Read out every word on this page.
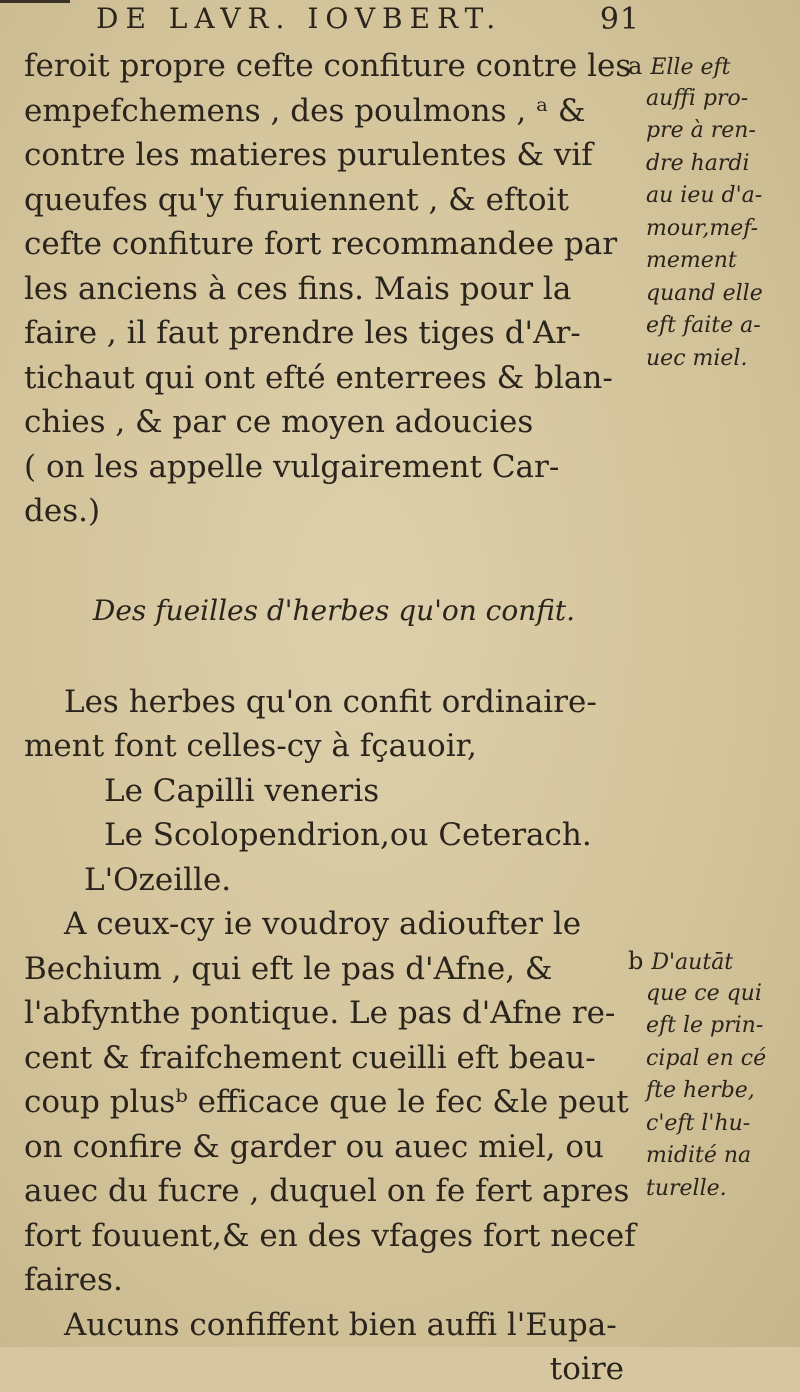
DE LAVR. IOVBERT.	91
feroit propre cefte confiture contre les
empefchemens , des poulmons , ᵃ &
contre les matieres purulentes & vif
queufes qu'y furuiennent , & eftoit
cefte confiture fort recommandee par
les anciens à ces fins. Mais pour la
faire , il faut prendre les tiges d'Ar-
tichaut qui ont efté enterrees & blan-
chies , & par ce moyen adoucies
( on les appelle vulgairement Car-
des.)
Des fueilles d'herbes qu'on confit.
Les herbes qu'on confit ordinaire-
ment font celles-cy à fçauoir,
Le Capilli veneris
Le Scolopendrion,ou Ceterach.
L'Ozeille.
A ceux-cy ie voudroy adioufter le
Bechium , qui eft le pas d'Afne, &
l'abfynthe pontique. Le pas d'Afne re-
cent & fraifchement cueilli eft beau-
coup plusᵇ efficace que le fec &le peut
on confire & garder ou auec miel, ou
auec du fucre , duquel on fe fert apres
fort fouuent,& en des vfages fort necef
faires.
Aucuns confiffent bien auffi l'Eupa-
toire
a Elle eft
auffi pro-
pre à ren-
dre hardi
au ieu d'a-
mour,mef-
mement
quand elle
eft faite a-
uec miel.
b D'autāt
que ce qui
eft le prin-
cipal en cé
fte herbe,
c'eft l'hu-
midité na
turelle.
